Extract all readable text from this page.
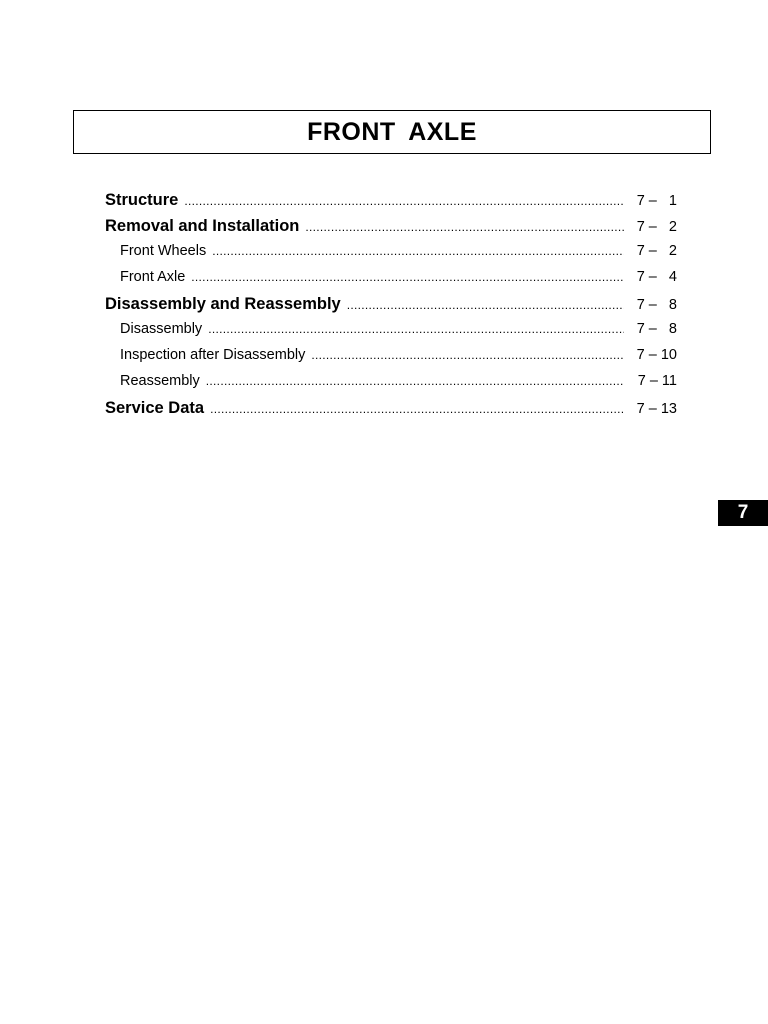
FRONT AXLE
Structure .....	7 –   1
Removal and Installation .....	7 –   2
Front Wheels .....	7 –   2
Front Axle .....	7 –   4
Disassembly and Reassembly .....	7 –   8
Disassembly .....	7 –   8
Inspection after Disassembly .....	7 – 10
Reassembly .....	7 – 11
Service Data .....	7 – 13
7
